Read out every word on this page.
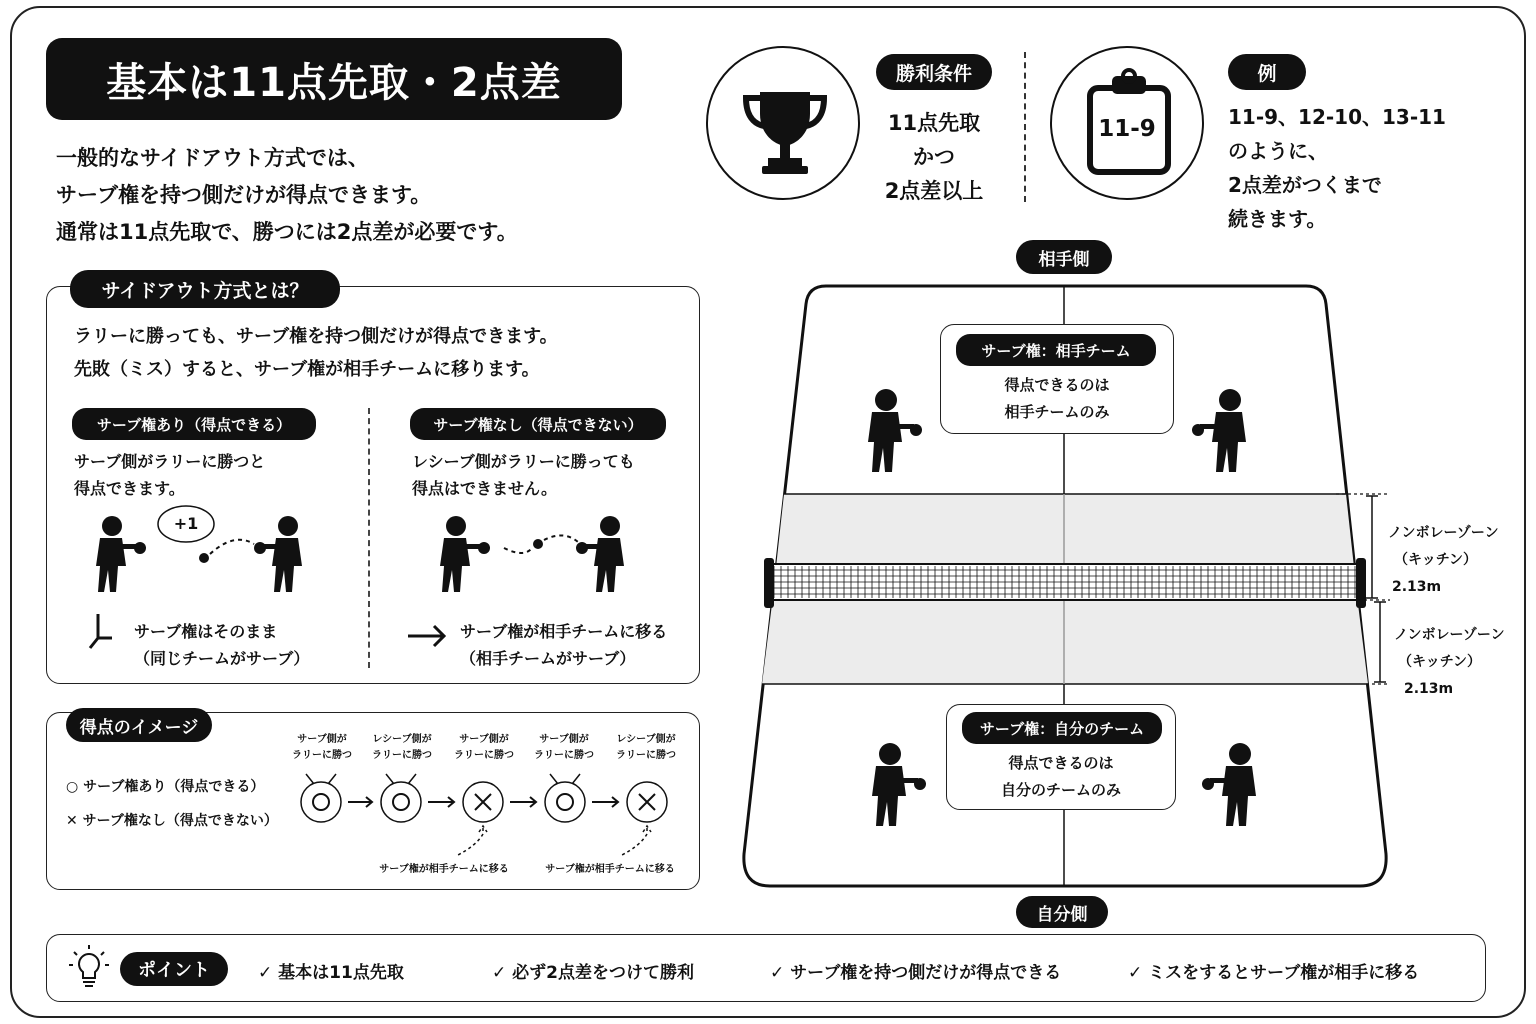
基本は11点先取・2点差
一般的なサイドアウト方式では、
サーブ権を持つ側だけが得点できます。
通常は11点先取で、勝つには2点差が必要です。
勝利条件
11点先取
かつ
2点差以上
11-9
例
11-9、12-10、13-11
のように、
2点差がつくまで
続きます。
サイドアウト方式とは？
ラリーに勝っても、サーブ権を持つ側だけが得点できます。
先敗（ミス）すると、サーブ権が相手チームに移ります。
サーブ権あり（得点できる）
サーブ側がラリーに勝つと
得点できます。
+1
サーブ権はそのまま
（同じチームがサーブ）
サーブ権なし（得点できない）
レシーブ側がラリーに勝っても
得点はできません。
サーブ権が相手チームに移る
（相手チームがサーブ）
得点のイメージ
○ サーブ権あり（得点できる）
✕ サーブ権なし（得点できない）
サーブ側が
ラリーに勝つ
レシーブ側が
ラリーに勝つ
サーブ側が
ラリーに勝つ
サーブ側が
ラリーに勝つ
レシーブ側が
ラリーに勝つ
サーブ権が相手チームに移る	サーブ権が相手チームに移る
相手側
サーブ権：相手チーム
得点できるのは
相手チームのみ
サーブ権：自分のチーム
得点できるのは
自分のチームのみ
ノンボレーゾーン
（キッチン）
2.13m
ノンボレーゾーン
（キッチン）
2.13m
自分側
ポイント	✓ 基本は11点先取	✓ 必ず2点差をつけて勝利	✓ サーブ権を持つ側だけが得点できる	✓ ミスをするとサーブ権が相手に移る
